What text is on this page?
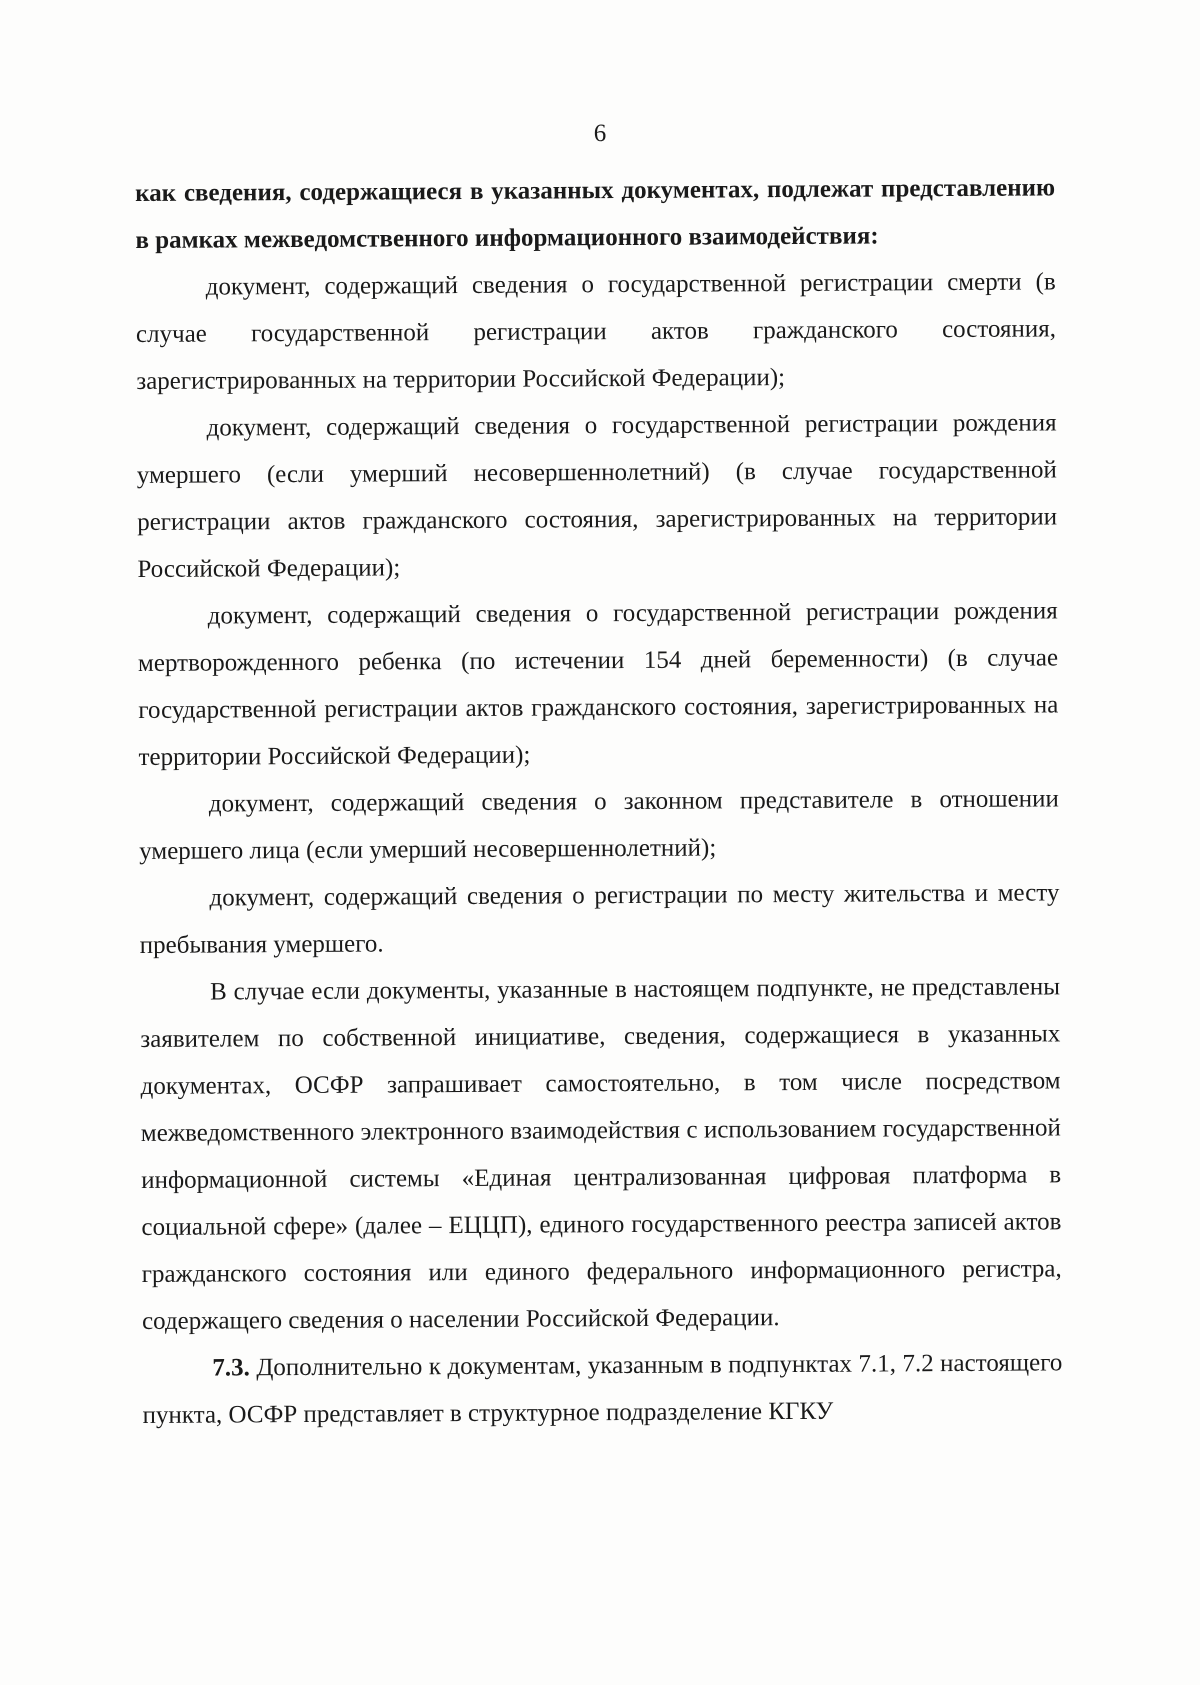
6

как сведения, содержащиеся в указанных документах, подлежат представлению в рамках межведомственного информационного взаимодействия:

документ, содержащий сведения о государственной регистрации смерти (в случае государственной регистрации актов гражданского состояния, зарегистрированных на территории Российской Федерации);

документ, содержащий сведения о государственной регистрации рождения умершего (если умерший несовершеннолетний) (в случае государственной регистрации актов гражданского состояния, зарегистрированных на территории Российской Федерации);

документ, содержащий сведения о государственной регистрации рождения мертворожденного ребенка (по истечении 154 дней беременности) (в случае государственной регистрации актов гражданского состояния, зарегистрированных на территории Российской Федерации);

документ, содержащий сведения о законном представителе в отношении умершего лица (если умерший несовершеннолетний);

документ, содержащий сведения о регистрации по месту жительства и месту пребывания умершего.

В случае если документы, указанные в настоящем подпункте, не представлены заявителем по собственной инициативе, сведения, содержащиеся в указанных документах, ОСФР запрашивает самостоятельно, в том числе посредством межведомственного электронного взаимодействия с использованием государственной информационной системы «Единая централизованная цифровая платформа в социальной сфере» (далее – ЕЦЦП), единого государственного реестра записей актов гражданского состояния или единого федерального информационного регистра, содержащего сведения о населении Российской Федерации.

7.3. Дополнительно к документам, указанным в подпунктах 7.1, 7.2 настоящего пункта, ОСФР представляет в структурное подразделение КГКУ
